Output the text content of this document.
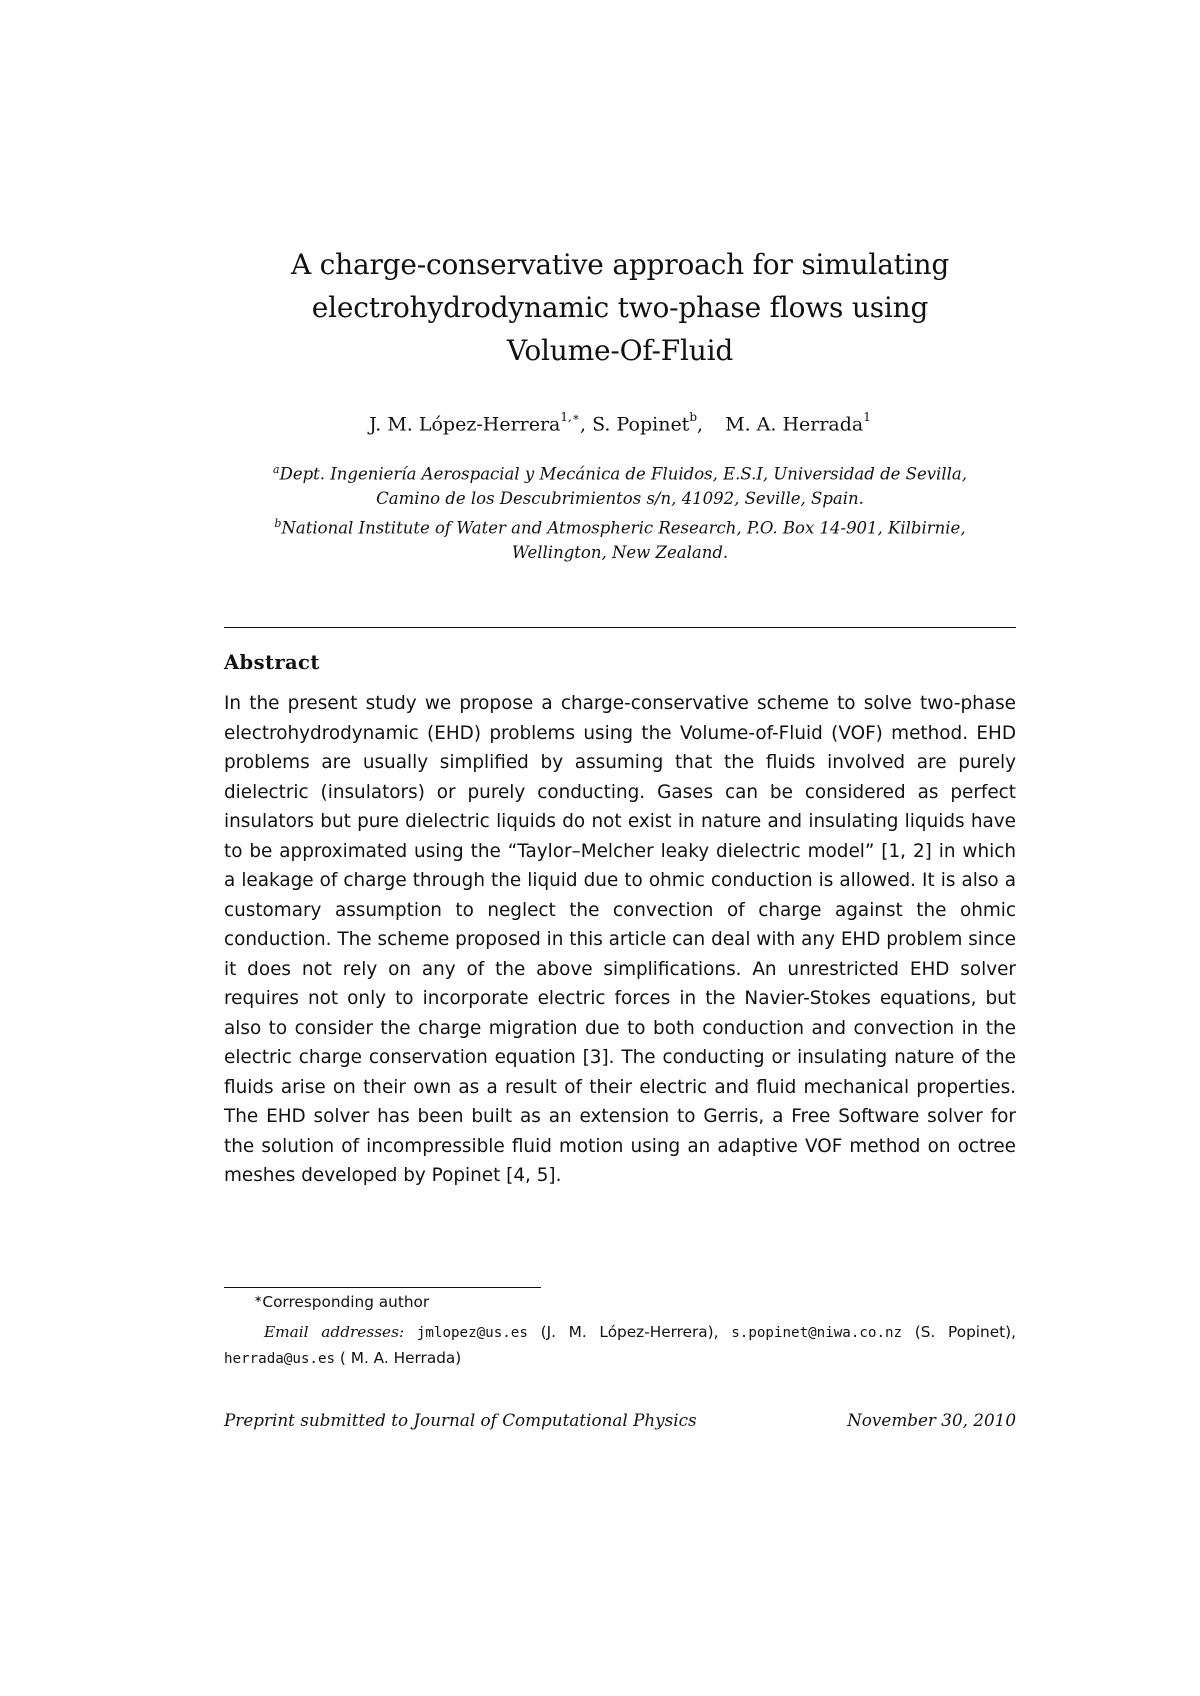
A charge-conservative approach for simulating
electrohydrodynamic two-phase flows using
Volume-Of-Fluid
J. M. López-Herrera$^{1,∗}$, S. Popinet$^b$, M. A. Herrada$^1$
$^a$Dept. Ingeniería Aerospacial y Mecánica de Fluidos, E.S.I, Universidad de Sevilla,
Camino de los Descubrimientos s/n, 41092, Seville, Spain.
$^b$National Institute of Water and Atmospheric Research, P.O. Box 14-901, Kilbirnie,
Wellington, New Zealand.
Abstract

In the present study we propose a charge-conservative scheme to solve two-phase electrohydrodynamic (EHD) problems using the Volume-of-Fluid (VOF) method. EHD problems are usually simplified by assuming that the fluids involved are purely dielectric (insulators) or purely conducting. Gases can be considered as perfect insulators but pure dielectric liquids do not exist in nature and insulating liquids have to be approximated using the “Taylor–Melcher leaky dielectric model” [1, 2] in which a leakage of charge through the liquid due to ohmic conduction is allowed. It is also a customary assumption to neglect the convection of charge against the ohmic conduction. The scheme proposed in this article can deal with any EHD problem since it does not rely on any of the above simplifications. An unrestricted EHD solver requires not only to incorporate electric forces in the Navier-Stokes equations, but also to consider the charge migration due to both conduction and convection in the electric charge conservation equation [3]. The conducting or insulating nature of the fluids arise on their own as a result of their electric and fluid mechanical properties. The EHD solver has been built as an extension to Gerris, a Free Software solver for the solution of incompressible fluid motion using an adaptive VOF method on octree meshes developed by Popinet [4, 5].

∗Corresponding author

Email addresses: jmlopez@us.es (J. M. López-Herrera), s.popinet@niwa.co.nz (S. Popinet), herrada@us.es ( M. A. Herrada)

Preprint submitted to Journal of Computational Physics	November 30, 2010
